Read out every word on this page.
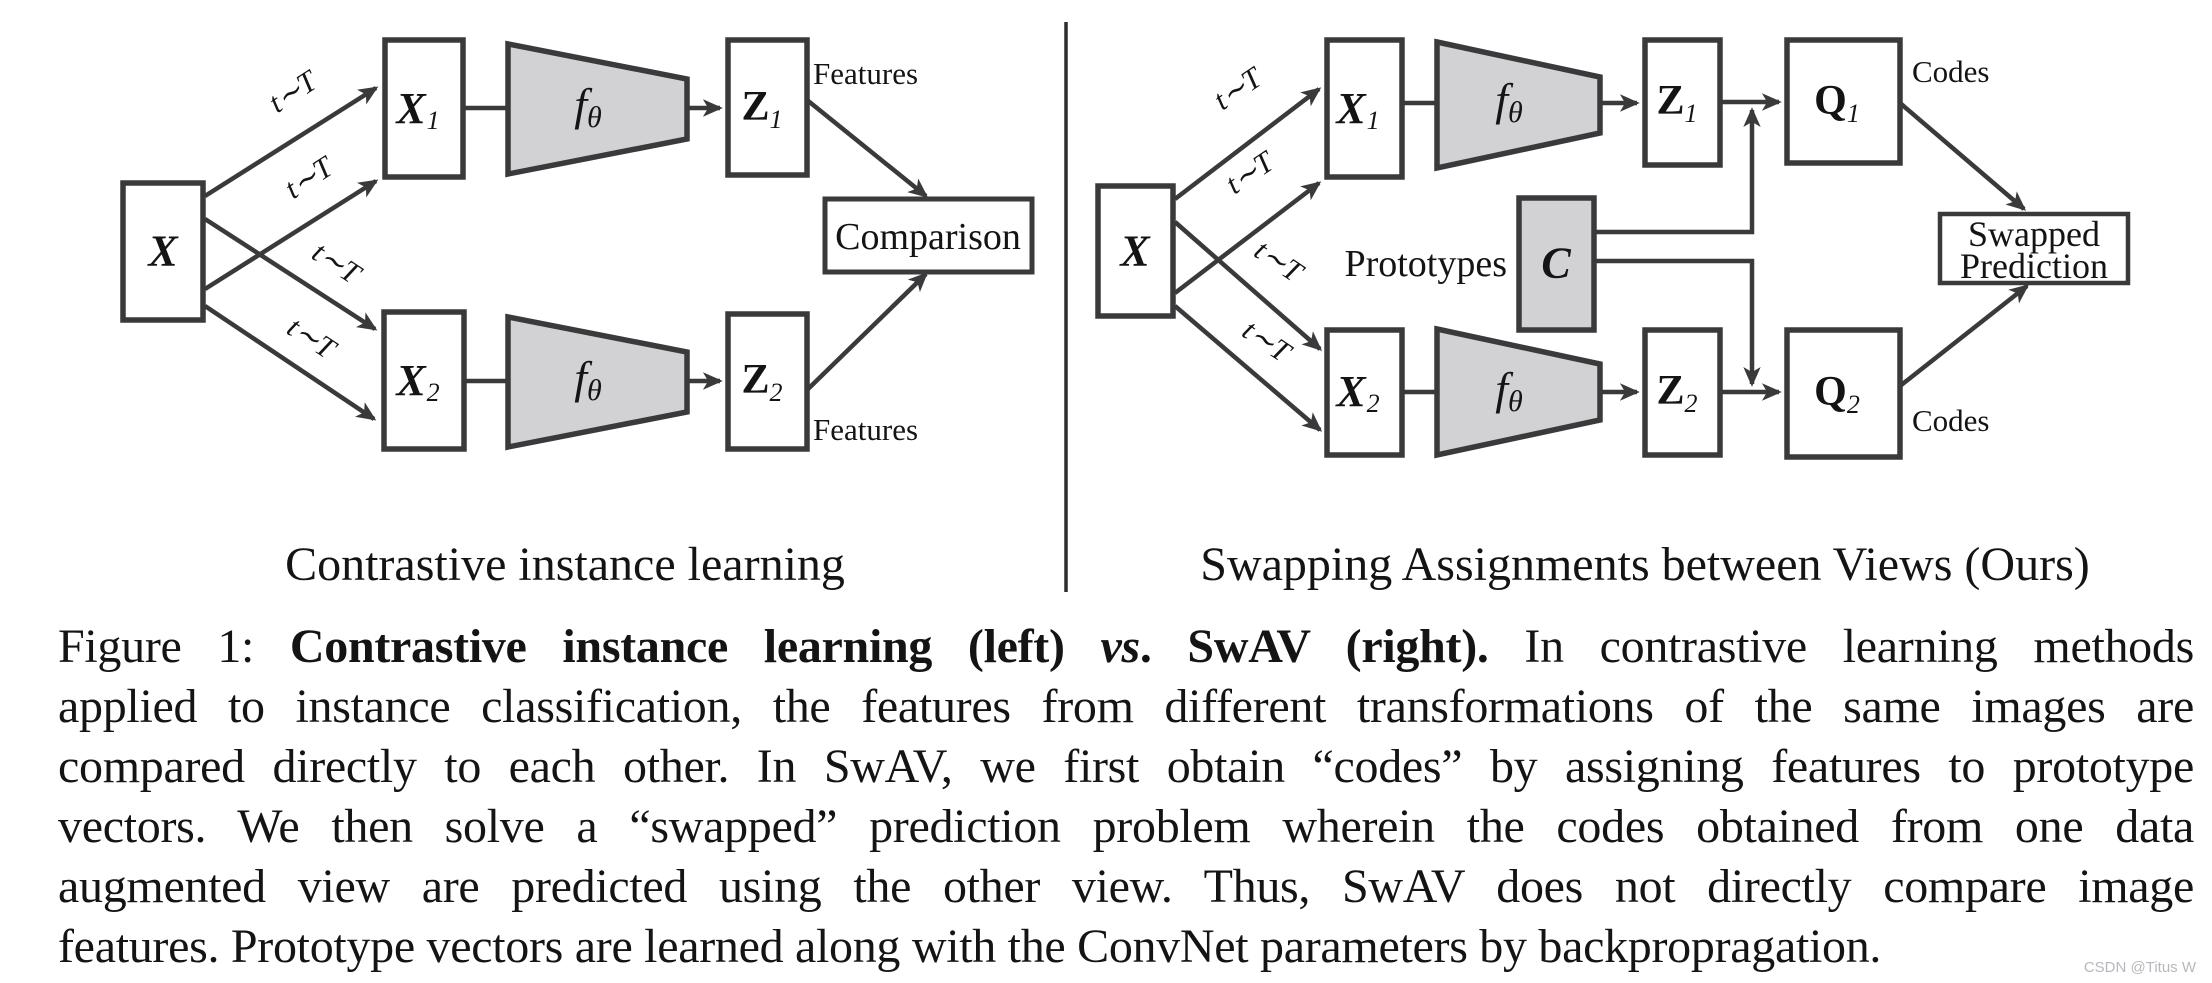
t∼T
t∼T
t∼T
t∼T
X
$X_1$
$X_2$
$f_\theta$
$f_\theta$
$Z_1$
$Z_2$
Comparison
Features
Features
Contrastive instance learning
t∼T
t∼T
t∼T
t∼T
X
$X_1$
$X_2$
$f_\theta$
$f_\theta$
$Z_1$
$Z_2$
$Q_1$
$Q_2$
C
Prototypes
Codes
Codes
Swapped
Prediction
Swapping Assignments between Views (Ours)
Figure 1: Contrastive instance learning (left) vs. SwAV (right). In contrastive learning methods
applied to instance classification, the features from different transformations of the same images are
compared directly to each other. In SwAV, we first obtain “codes” by assigning features to prototype
vectors. We then solve a “swapped” prediction problem wherein the codes obtained from one data
augmented view are predicted using the other view. Thus, SwAV does not directly compare image
features. Prototype vectors are learned along with the ConvNet parameters by backpropragation.	CSDN @Titus W
